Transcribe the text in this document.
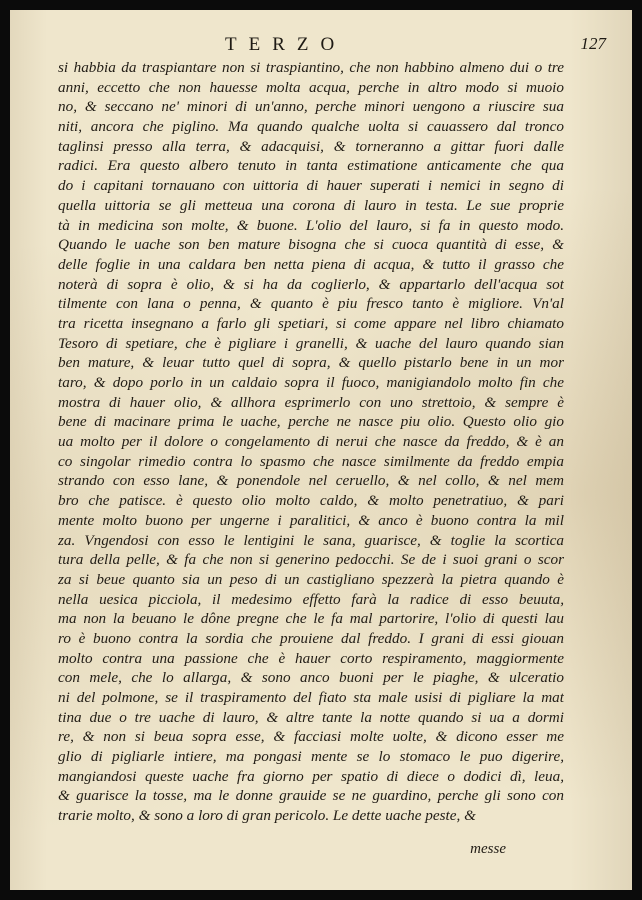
TERZO	127
si habbia da traspiantare non si traspiantino, che non habbino almeno dui o tre
anni, eccetto che non hauesse molta acqua, perche in altro modo si muoio
no, & seccano ne' minori di un'anno, perche minori uengono a riuscire sua
niti, ancora che piglino. Ma quando qualche uolta si cauassero dal tronco
taglinsi presso alla terra, & adacquisi, & torneranno a gittar fuori dalle
radici. Era questo albero tenuto in tanta estimatione anticamente che qua
do i capitani tornauano con uittoria di hauer superati i nemici in segno di
quella uittoria se gli metteua una corona di lauro in testa. Le sue proprie
tà in medicina son molte, & buone. L'olio del lauro, si fa in questo modo.
Quando le uache son ben mature bisogna che si cuoca quantità di esse, &
delle foglie in una caldara ben netta piena di acqua, & tutto il grasso che
noterà di sopra è olio, & si ha da coglierlo, & appartarlo dell'acqua sot
tilmente con lana o penna, & quanto è piu fresco tanto è migliore. Vn'al
tra ricetta insegnano a farlo gli spetiari, si come appare nel libro chiamato
Tesoro di spetiare, che è pigliare i granelli, & uache del lauro quando sian
ben mature, & leuar tutto quel di sopra, & quello pistarlo bene in un mor
taro, & dopo porlo in un caldaio sopra il fuoco, manigiandolo molto fin che
mostra di hauer olio, & allhora esprimerlo con uno strettoio, & sempre è
bene di macinare prima le uache, perche ne nasce piu olio. Questo olio gio
ua molto per il dolore o congelamento di nerui che nasce da freddo, & è an
co singolar rimedio contra lo spasmo che nasce similmente da freddo empia
strando con esso lane, & ponendole nel ceruello, & nel collo, & nel mem
bro che patisce. è questo olio molto caldo, & molto penetratiuo, & pari
mente molto buono per ungerne i paralitici, & anco è buono contra la mil
za. Vngendosi con esso le lentigini le sana, guarisce, & toglie la scortica
tura della pelle, & fa che non si generino pedocchi. Se de i suoi grani o scor
za si beue quanto sia un peso di un castigliano spezzerà la pietra quando è
nella uesica picciola, il medesimo effetto farà la radice di esso beuuta,
ma non la beuano le dône pregne che le fa mal partorire, l'olio di questi lau
ro è buono contra la sordia che prouiene dal freddo. I grani di essi giouan
molto contra una passione che è hauer corto respiramento, maggiormente
con mele, che lo allarga, & sono anco buoni per le piaghe, & ulceratio
ni del polmone, se il traspiramento del fiato sta male usisi di pigliare la mat
tina due o tre uache di lauro, & altre tante la notte quando si ua a dormi
re, & non si beua sopra esse, & facciasi molte uolte, & dicono esser me
glio di pigliarle intiere, ma pongasi mente se lo stomaco le puo digerire,
mangiandosi queste uache fra giorno per spatio di diece o dodici dì, leua,
& guarisce la tosse, ma le donne grauide se ne guardino, perche gli sono con
trarie molto, & sono a loro di gran pericolo. Le dette uache peste, &
messe
